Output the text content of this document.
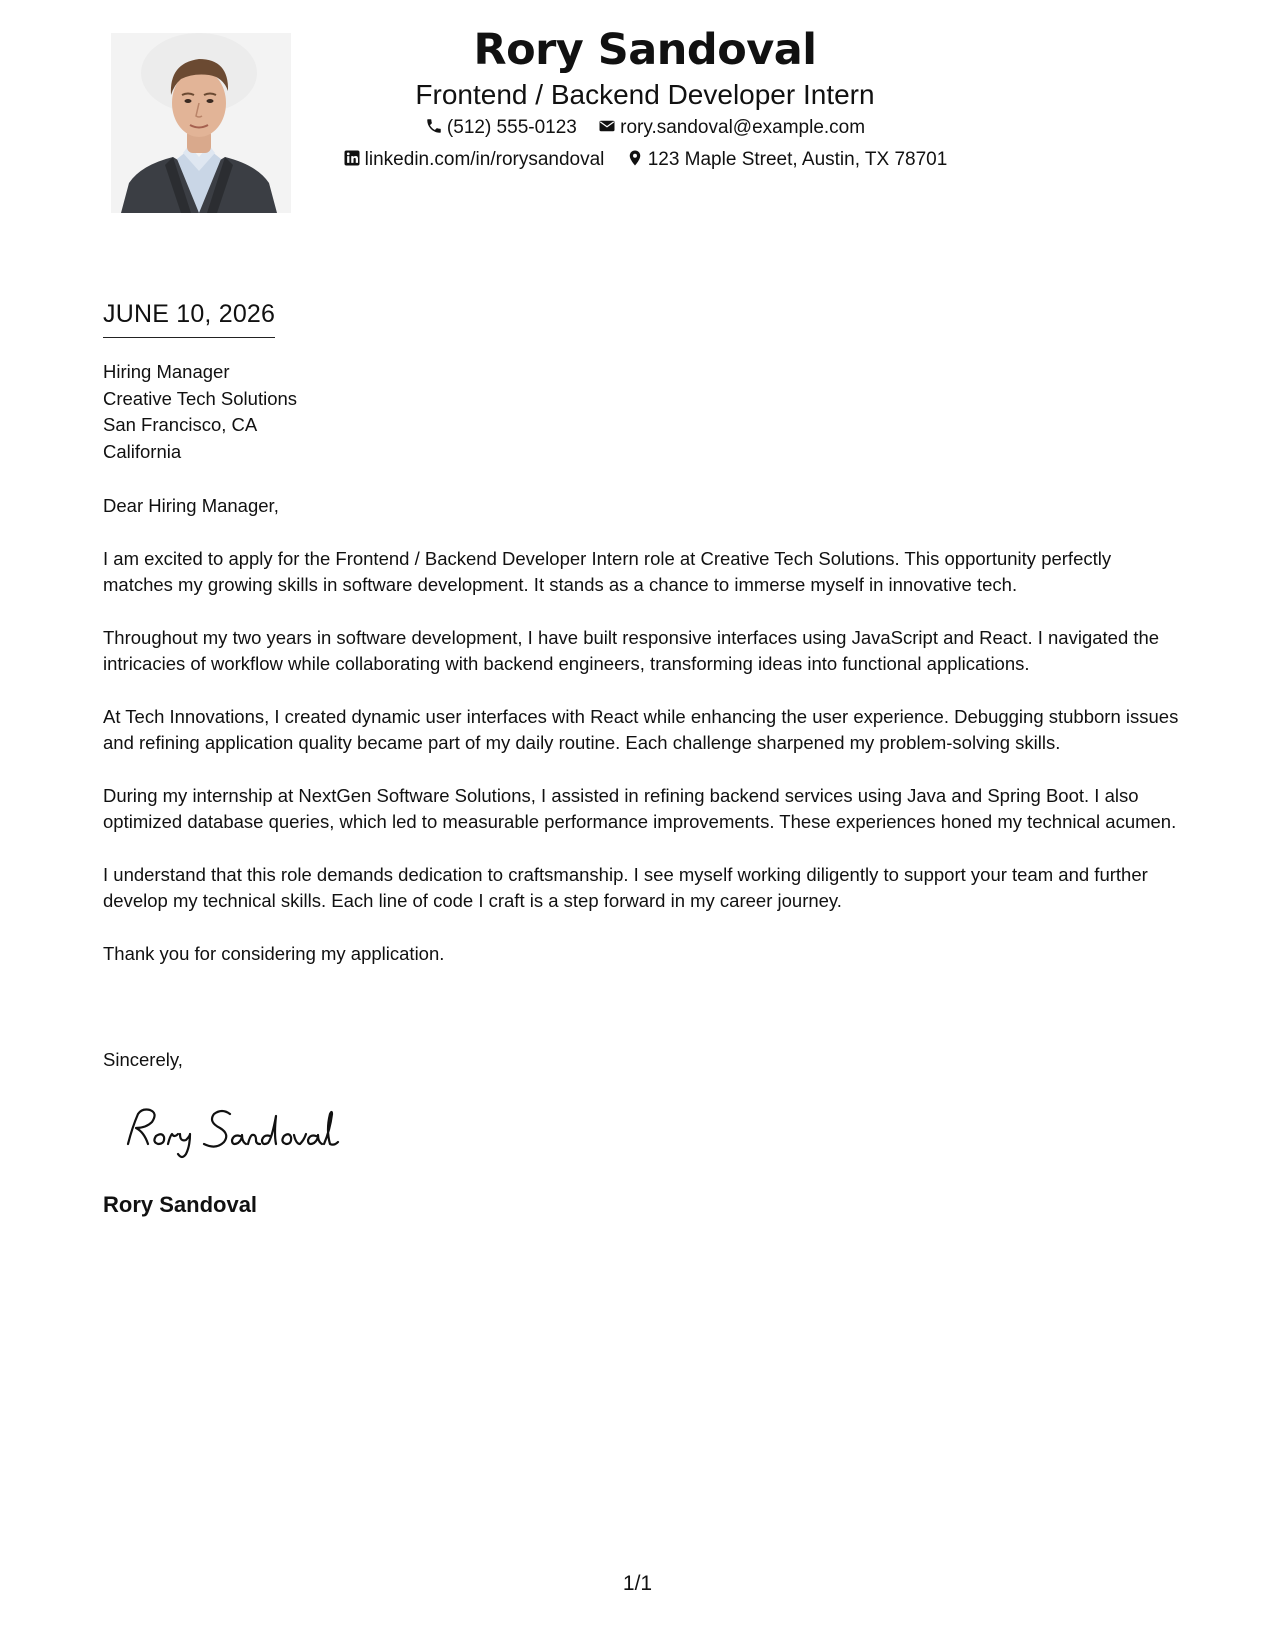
Rory Sandoval
Frontend / Backend Developer Intern
(512) 555-0123 rory.sandoval@example.com
linkedin.com/in/rorysandoval 123 Maple Street, Austin, TX 78701
JUNE 10, 2026
Hiring Manager
Creative Tech Solutions
San Francisco, CA
California

Dear Hiring Manager,

I am excited to apply for the Frontend / Backend Developer Intern role at Creative Tech Solutions. This opportunity perfectly matches my growing skills in software development. It stands as a chance to immerse myself in innovative tech.

Throughout my two years in software development, I have built responsive interfaces using JavaScript and React. I navigated the intricacies of workflow while collaborating with backend engineers, transforming ideas into functional applications.

At Tech Innovations, I created dynamic user interfaces with React while enhancing the user experience. Debugging stubborn issues and refining application quality became part of my daily routine. Each challenge sharpened my problem-solving skills.

During my internship at NextGen Software Solutions, I assisted in refining backend services using Java and Spring Boot. I also optimized database queries, which led to measurable performance improvements. These experiences honed my technical acumen.

I understand that this role demands dedication to craftsmanship. I see myself working diligently to support your team and further develop my technical skills. Each line of code I craft is a step forward in my career journey.

Thank you for considering my application.

Sincerely,
Rory Sandoval
1/1
